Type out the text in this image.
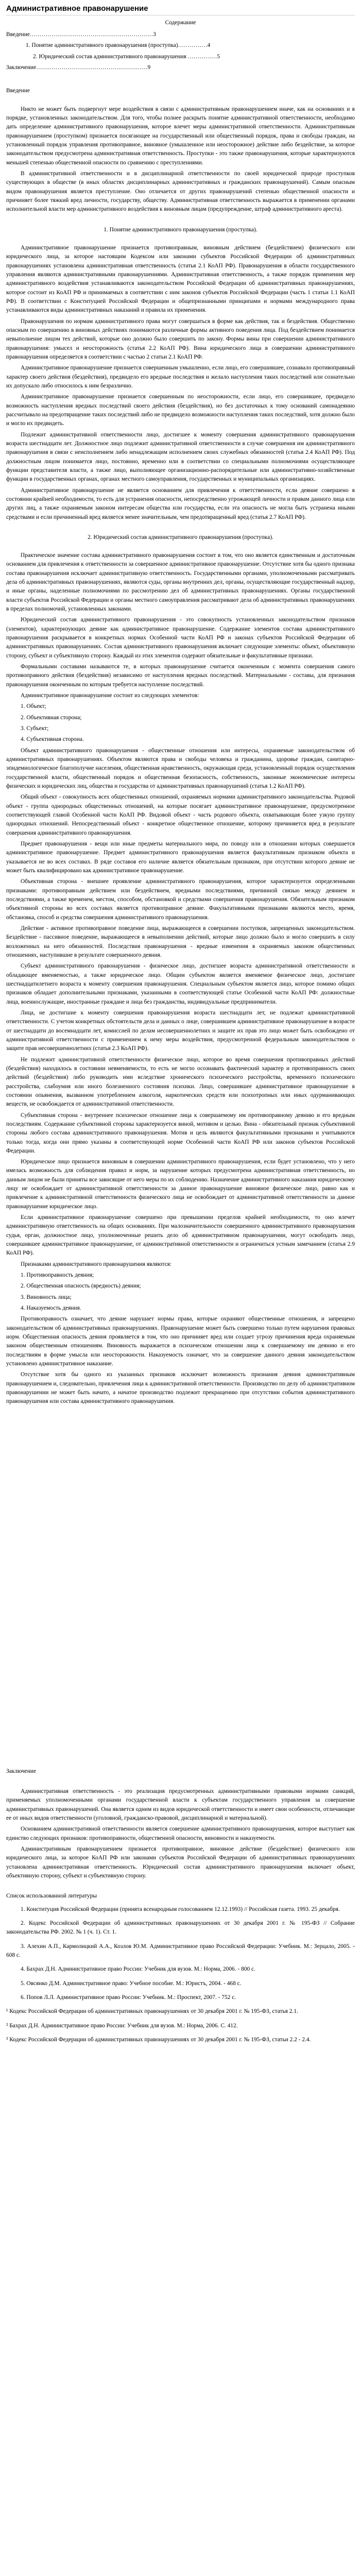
Административное правонарушение

Содержание

Введение………………………………………………………3

1. Понятие административного правонарушения (проступка)……………4

2. Юридический состав административного правонарушения ……………5

Заключение…………………………………………………9

Введение

Никто не может быть подвергнут мере воздействия в связи с административным правонарушением иначе, как на основаниях и в порядке, установленных законодательством. Для того, чтобы полнее раскрыть понятие административной ответственности, необходимо дать определение административного правонарушения, которое влечет меры административной ответственности. Административным правонарушением (проступком) признается посягающее на государственный или общественный порядок, права и свободы граждан, на установленный порядок управления противоправное, виновное (умышленное или неосторожное) действие либо бездействие, за которое законодательством предусмотрена административная ответственность. Проступки - это также правонарушения, которые характеризуются меньшей степенью общественной опасности по сравнению с преступлениями.

В административной ответственности и в дисциплинарной ответственности по своей юридической природе проступков существующих в обществе (в иных областях дисциплинарных административных и гражданских правонарушений). Самым опасным видом правонарушения является преступление. Оно отличается от других правонарушений степенью общественной опасности и причиняет более тяжкий вред личности, государству, обществу. Административная ответственность выражается в применении органами исполнительной власти мер административного воздействия к виновным лицам (предупреждение, штраф административного ареста).

1. Понятие административного правонарушения (проступка).

Административное правонарушение признается противоправным, виновным действием (бездействием) физического или юридического лица, за которое настоящим Кодексом или законами субъектов Российской Федерации об административных правонарушениях установлена административная ответственность (статья 2.1 КоАП РФ). Правонарушения в области государственного управления являются административными правонарушениями. Административная ответственность, а также порядок применения мер административного воздействия устанавливаются законодательством Российской Федерации об административных правонарушениях, которое состоит из КоАП РФ и принимаемых в соответствии с ним законов субъектов Российской Федерации (часть 1 статьи 1.1 КоАП РФ). В соответствии с Конституцией Российской Федерации и общепризнанными принципами и нормами международного права устанавливаются виды административных наказаний и правила их применения.

Правонарушения по нормам административного права могут совершаться в форме как действия, так и бездействия. Общественно опасным по совершению в виновных действиях понимаются различные формы активного поведения лица. Под бездействием понимается невыполнение лицом тех действий, которые оно должно было совершить по закону. Формы вины при совершении административного правонарушения: умысел и неосторожность (статья 2.2 КоАП РФ). Вина юридического лица в совершении административного правонарушения определяется в соответствии с частью 2 статьи 2.1 КоАП РФ.

Административное правонарушение признается совершенным умышленно, если лицо, его совершившее, сознавало противоправный характер своего действия (бездействия), предвидело его вредные последствия и желало наступления таких последствий или сознательно их допускало либо относилось к ним безразлично.

Административное правонарушение признается совершенным по неосторожности, если лицо, его совершившее, предвидело возможность наступления вредных последствий своего действия (бездействия), но без достаточных к тому оснований самонадеянно рассчитывало на предотвращение таких последствий либо не предвидело возможности наступления таких последствий, хотя должно было и могло их предвидеть.

Подлежит административной ответственности лицо, достигшее к моменту совершения административного правонарушения возраста шестнадцати лет. Должностное лицо подлежит административной ответственности в случае совершения им административного правонарушения в связи с неисполнением либо ненадлежащим исполнением своих служебных обязанностей (статья 2.4 КоАП РФ). Под должностным лицом понимается лицо, постоянно, временно или в соответствии со специальными полномочиями осуществляющее функции представителя власти, а также лицо, выполняющее организационно-распорядительные или административно-хозяйственные функции в государственных органах, органах местного самоуправления, государственных и муниципальных организациях.

Административное правонарушение не является основанием для привлечения к ответственности, если деяние совершено в состоянии крайней необходимости, то есть для устранения опасности, непосредственно угрожающей личности и правам данного лица или других лиц, а также охраняемым законом интересам общества или государства, если эта опасность не могла быть устранена иными средствами и если причиненный вред является менее значительным, чем предотвращенный вред (статья 2.7 КоАП РФ).

2. Юридический состав административного правонарушения (проступка).

Практическое значение состава административного правонарушения состоит в том, что оно является единственным и достаточным основанием для привлечения к ответственности за совершенное административное правонарушение. Отсутствие хотя бы одного признака состава правонарушения исключает административную ответственность. Государственными органами, уполномоченными рассматривать дела об административных правонарушениях, являются суды, органы внутренних дел, органы, осуществляющие государственный надзор, и иные органы, наделенные полномочиями по рассмотрению дел об административных правонарушениях. Органы государственной власти субъектов Российской Федерации и органы местного самоуправления рассматривают дела об административных правонарушениях в пределах полномочий, установленных законами.

Юридический состав административного правонарушения - это совокупность установленных законодательством признаков (элементов), характеризующих деяние как административное правонарушение. Содержание элементов состава административного правонарушения раскрывается в конкретных нормах Особенной части КоАП РФ и законах субъектов Российской Федерации об административных правонарушениях. Состав административного правонарушения включает следующие элементы: объект, объективную сторону, субъект и субъективную сторону. Каждый из этих элементов содержит обязательные и факультативные признаки.

Формальными составами называются те, в которых правонарушение считается оконченным с момента совершения самого противоправного действия (бездействия) независимо от наступления вредных последствий. Материальными - составы, для признания правонарушения оконченным по которым требуется наступление последствий.

Административное правонарушение состоит из следующих элементов:

1. Объект;

2. Объективная сторона;

3. Субъект;

4. Субъективная сторона.

Объект административного правонарушения - общественные отношения или интересы, охраняемые законодательством об административных правонарушениях. Объектом являются права и свободы человека и гражданина, здоровье граждан, санитарно-эпидемиологическое благополучие населения, общественная нравственность, окружающая среда, установленный порядок осуществления государственной власти, общественный порядок и общественная безопасность, собственность, законные экономические интересы физических и юридических лиц, общества и государства от административных правонарушений (статья 1.2 КоАП РФ).

Общий объект - совокупность всех общественных отношений, охраняемых нормами административного законодательства. Родовой объект - группа однородных общественных отношений, на которые посягает административное правонарушение, предусмотренное соответствующей главой Особенной части КоАП РФ. Видовой объект - часть родового объекта, охватывающая более узкую группу однородных отношений. Непосредственный объект - конкретное общественное отношение, которому причиняется вред в результате совершения административного правонарушения.

Предмет правонарушения - вещи или иные предметы материального мира, по поводу или в отношении которых совершается административное правонарушение. Предмет административного правонарушения является факультативным признаком объекта и указывается не во всех составах. В ряде составов его наличие является обязательным признаком, при отсутствии которого деяние не может быть квалифицировано как административное правонарушение.

Объективная сторона - внешнее проявление административного правонарушения, которое характеризуется определенными признаками: противоправным действием или бездействием, вредными последствиями, причинной связью между деянием и последствиями, а также временем, местом, способом, обстановкой и средствами совершения правонарушения. Обязательным признаком объективной стороны во всех составах является противоправное деяние. Факультативными признаками являются место, время, обстановка, способ и средства совершения административного правонарушения.

Действие - активное противоправное поведение лица, выражающееся в совершении поступков, запрещенных законодательством. Бездействие - пассивное поведение, выражающееся в невыполнении действий, которые лицо должно было и могло совершить в силу возложенных на него обязанностей. Последствия правонарушения - вредные изменения в охраняемых законом общественных отношениях, наступившие в результате совершенного деяния.

Субъект административного правонарушения - физическое лицо, достигшее возраста административной ответственности и обладающее вменяемостью, а также юридическое лицо. Общим субъектом является вменяемое физическое лицо, достигшее шестнадцатилетнего возраста к моменту совершения правонарушения. Специальным субъектом является лицо, которое помимо общих признаков обладает дополнительными признаками, указанными в соответствующей статье Особенной части КоАП РФ: должностные лица, военнослужащие, иностранные граждане и лица без гражданства, индивидуальные предприниматели.

Лица, не достигшие к моменту совершения правонарушения возраста шестнадцати лет, не подлежат административной ответственности. С учетом конкретных обстоятельств дела и данных о лице, совершившем административное правонарушение в возрасте от шестнадцати до восемнадцати лет, комиссией по делам несовершеннолетних и защите их прав это лицо может быть освобождено от административной ответственности с применением к нему меры воздействия, предусмотренной федеральным законодательством о защите прав несовершеннолетних (статья 2.3 КоАП РФ).

Не подлежит административной ответственности физическое лицо, которое во время совершения противоправных действий (бездействия) находилось в состоянии невменяемости, то есть не могло осознавать фактический характер и противоправность своих действий (бездействия) либо руководить ими вследствие хронического психического расстройства, временного психического расстройства, слабоумия или иного болезненного состояния психики. Лицо, совершившее административное правонарушение в состоянии опьянения, вызванном употреблением алкоголя, наркотических средств или психотропных или иных одурманивающих веществ, не освобождается от административной ответственности.

Субъективная сторона - внутреннее психическое отношение лица к совершаемому им противоправному деянию и его вредным последствиям. Содержание субъективной стороны характеризуется виной, мотивом и целью. Вина - обязательный признак субъективной стороны любого состава административного правонарушения. Мотив и цель являются факультативными признаками и учитываются только тогда, когда они прямо указаны в соответствующей норме Особенной части КоАП РФ или законов субъектов Российской Федерации.

Юридическое лицо признается виновным в совершении административного правонарушения, если будет установлено, что у него имелась возможность для соблюдения правил и норм, за нарушение которых предусмотрена административная ответственность, но данным лицом не были приняты все зависящие от него меры по их соблюдению. Назначение административного наказания юридическому лицу не освобождает от административной ответственности за данное правонарушение виновное физическое лицо, равно как и привлечение к административной ответственности физического лица не освобождает от административной ответственности за данное правонарушение юридическое лицо.

Если административное правонарушение совершено при превышении пределов крайней необходимости, то оно влечет административную ответственность на общих основаниях. При малозначительности совершенного административного правонарушения судья, орган, должностное лицо, уполномоченные решить дело об административном правонарушении, могут освободить лицо, совершившее административное правонарушение, от административной ответственности и ограничиться устным замечанием (статья 2.9 КоАП РФ).

Признаками административного правонарушения являются:

1. Противоправность деяния;

2. Общественная опасность (вредность) деяния;

3. Виновность лица;

4. Наказуемость деяния.

Противоправность означает, что деяние нарушает нормы права, которые охраняют общественные отношения, и запрещено законодательством об административных правонарушениях. Правонарушение может быть совершено только путем нарушения правовых норм. Общественная опасность деяния проявляется в том, что оно причиняет вред или создает угрозу причинения вреда охраняемым законом общественным отношениям. Виновность выражается в психическом отношении лица к совершаемому им деянию и его последствиям в форме умысла или неосторожности. Наказуемость означает, что за совершение данного деяния законодательством установлено административное наказание.

Отсутствие хотя бы одного из указанных признаков исключает возможность признания деяния административным правонарушением и, следовательно, привлечения лица к административной ответственности. Производство по делу об административном правонарушении не может быть начато, а начатое производство подлежит прекращению при отсутствии события административного правонарушения или состава административного правонарушения.

Заключение

Административная ответственность - это реализация предусмотренных административными правовыми нормами санкций, применяемых уполномоченными органами государственной власти к субъектам государственного управления за совершение административных правонарушений. Она является одним из видов юридической ответственности и имеет свои особенности, отличающие ее от иных видов ответственности (уголовной, гражданско-правовой, дисциплинарной и материальной).

Основанием административной ответственности является совершение административного правонарушения, которое выступает как единство следующих признаков: противоправности, общественной опасности, виновности и наказуемости.

Административным правонарушением признается противоправное, виновное действие (бездействие) физического или юридического лица, за которое КоАП РФ или законами субъектов Российской Федерации об административных правонарушениях установлена административная ответственность. Юридический состав административного правонарушения включает объект, объективную сторону, субъект и субъективную сторону.

Список использованной литературы

1. Конституция Российской Федерации (принята всенародным голосованием 12.12.1993) // Российская газета. 1993. 25 декабря.

2. Кодекс Российской Федерации об административных правонарушениях от 30 декабря 2001 г. № 195-ФЗ // Собрание законодательства РФ. 2002. № 1 (ч. 1). Ст. 1.

3. Алехин А.П., Кармолицкий А.А., Козлов Ю.М. Административное право Российской Федерации: Учебник. М.: Зерцало, 2005. - 608 с.

4. Бахрах Д.Н. Административное право России: Учебник для вузов. М.: Норма, 2006. - 800 с.

5. Овсянко Д.М. Административное право: Учебное пособие. М.: Юристъ, 2004. - 468 с.

6. Попов Л.Л. Административное право России: Учебник. М.: Проспект, 2007. - 752 с.

¹ Кодекс Российской Федерации об административных правонарушениях от 30 декабря 2001 г. № 195-ФЗ, статья 2.1.

² Бахрах Д.Н. Административное право России: Учебник для вузов. М.: Норма, 2006. С. 412.

³ Кодекс Российской Федерации об административных правонарушениях от 30 декабря 2001 г. № 195-ФЗ, статьи 2.2 - 2.4.
